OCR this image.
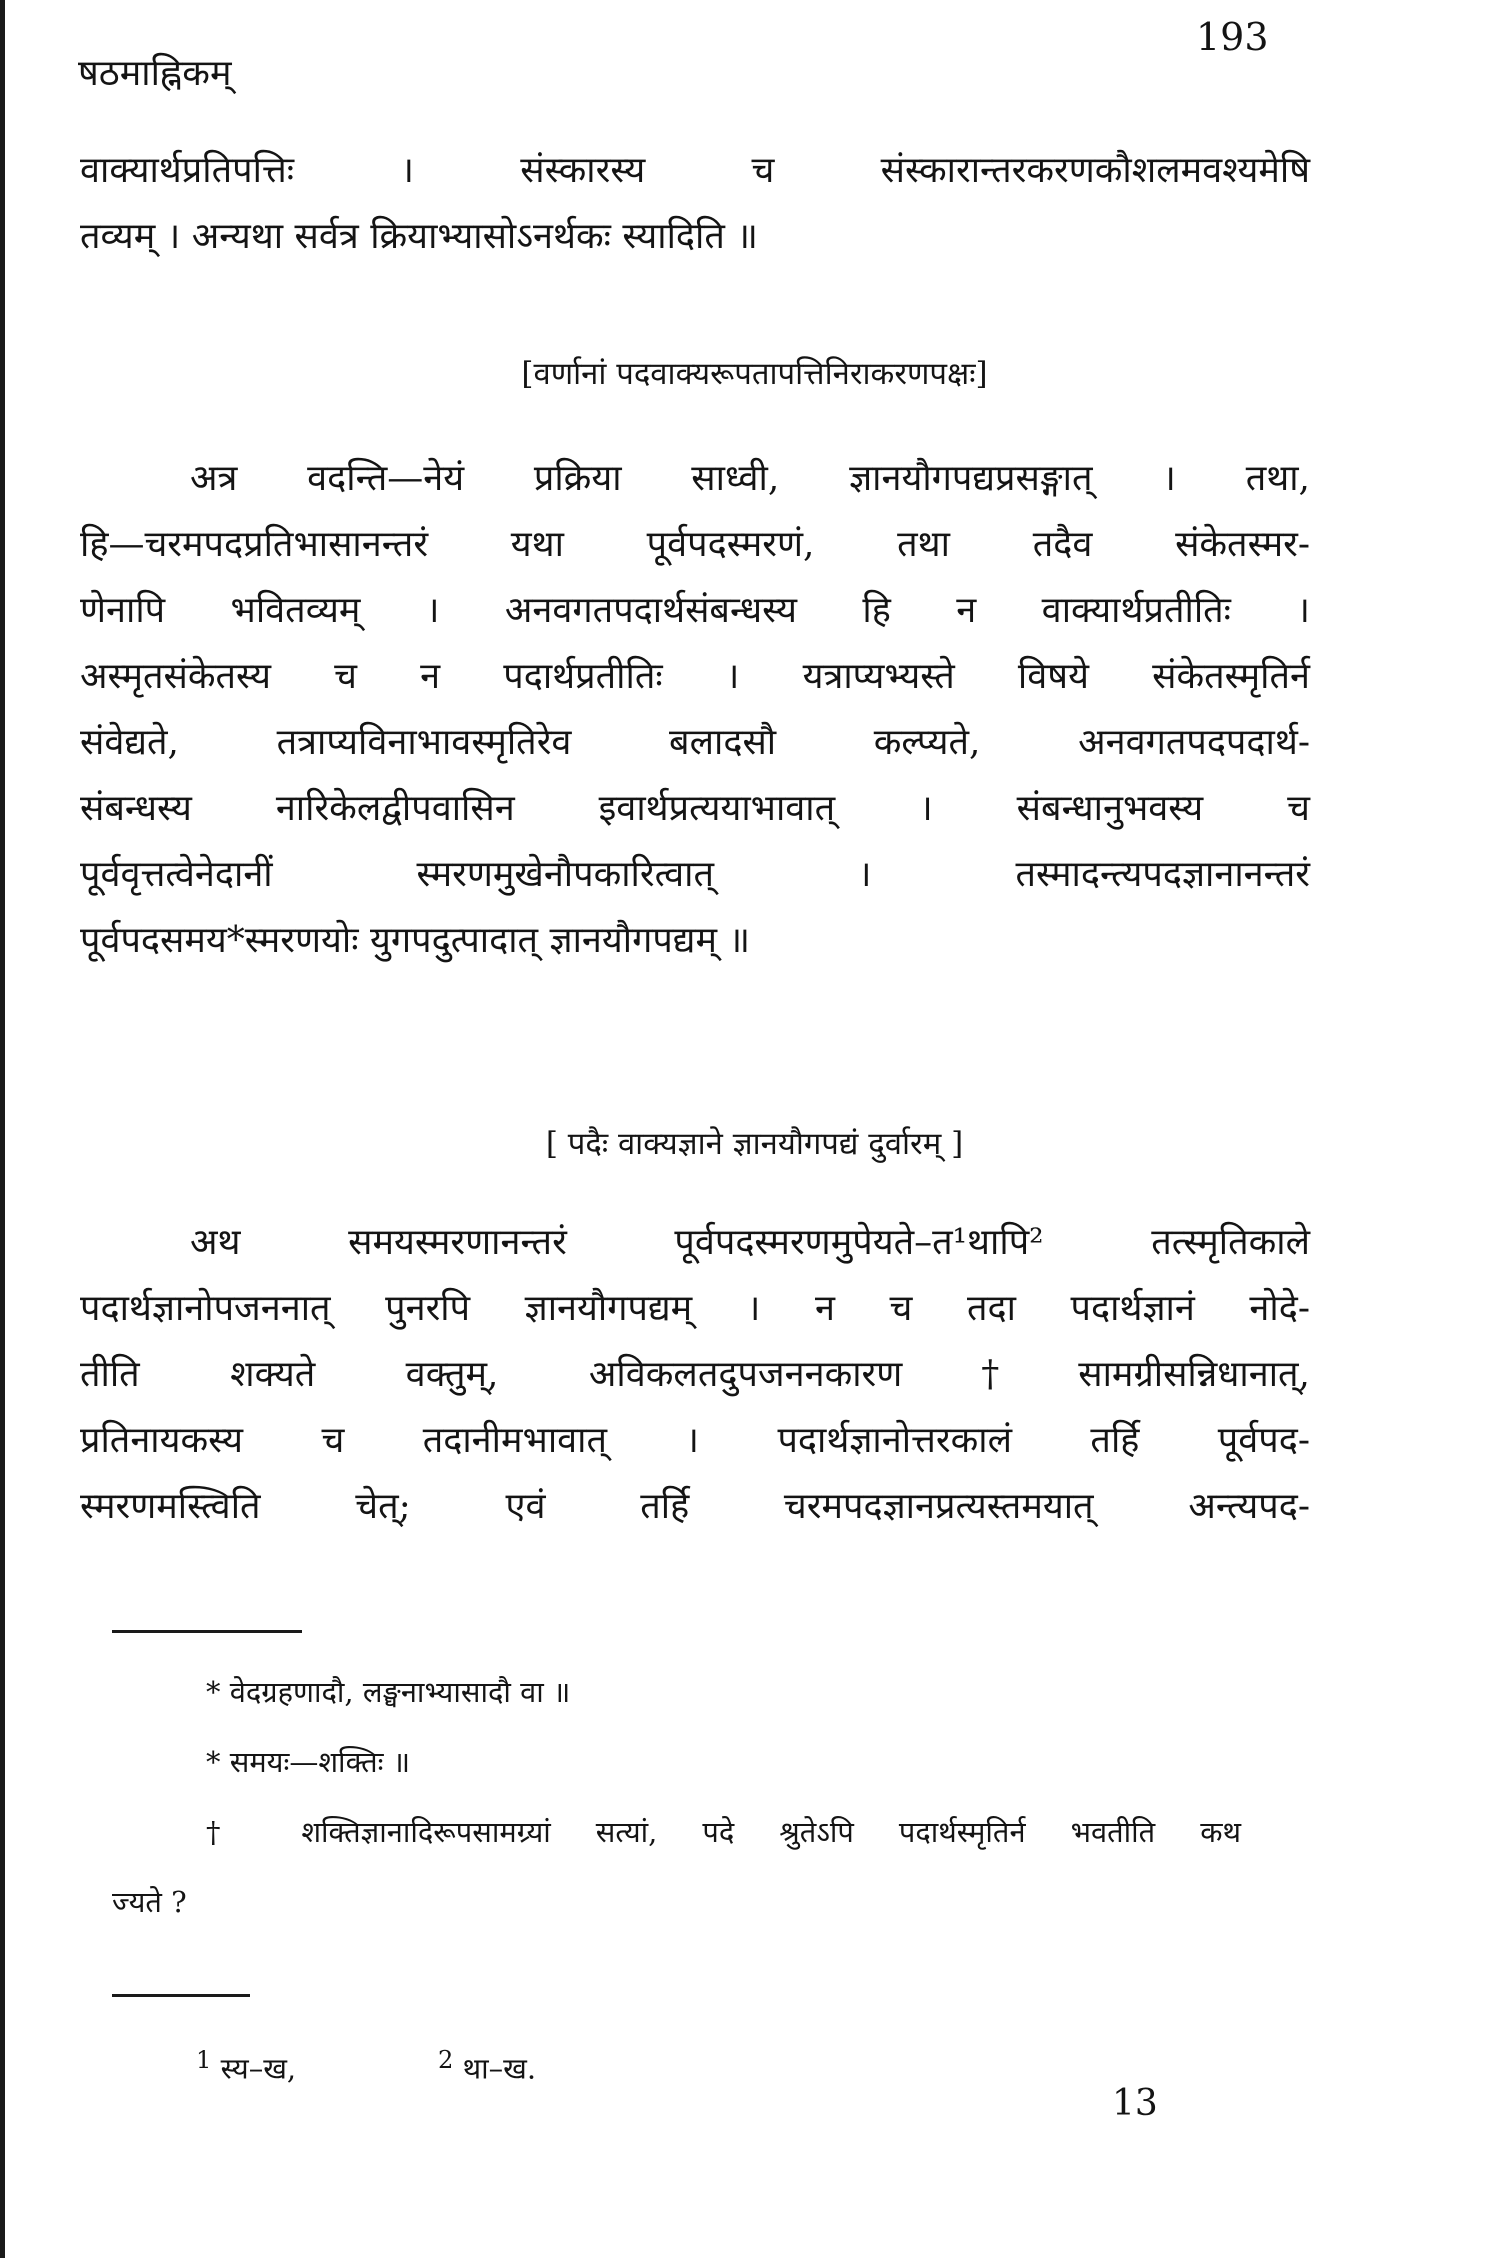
षठमाह्निकम्
193
वाक्यार्थप्रतिपत्तिः । संस्कारस्य च संस्कारान्तरकरणकौशलमवश्यमेषि
तव्यम् । अन्यथा सर्वत्र क्रियाभ्यासोऽनर्थकः स्यादिति ॥
[वर्णानां पदवाक्यरूपतापत्तिनिराकरणपक्षः]
अत्र वदन्ति—नेयं प्रक्रिया साध्वी, ज्ञानयौगपद्यप्रसङ्गात् । तथा,
हि—चरमपदप्रतिभासानन्तरं यथा पूर्वपदस्मरणं, तथा तदैव संकेतस्मर-
णेनापि भवितव्यम् । अनवगतपदार्थसंबन्धस्य हि न वाक्यार्थप्रतीतिः ।
अस्मृतसंकेतस्य च न पदार्थप्रतीतिः । यत्राप्यभ्यस्ते विषये संकेतस्मृतिर्न
संवेद्यते, तत्राप्यविनाभावस्मृतिरेव बलादसौ कल्प्यते, अनवगतपदपदार्थ-
संबन्धस्य नारिकेलद्वीपवासिन इवार्थप्रत्ययाभावात् । संबन्धानुभवस्य च
पूर्ववृत्तत्वेनेदानीं स्मरणमुखेनौपकारित्वात् । तस्मादन्त्यपदज्ञानानन्तरं
पूर्वपदसमय*स्मरणयोः युगपदुत्पादात् ज्ञानयौगपद्यम् ॥
[ पदैः वाक्यज्ञाने ज्ञानयौगपद्यं दुर्वारम् ]
अथ समयस्मरणानन्तरं पूर्वपदस्मरणमुपेयते–त¹थापि² तत्स्मृतिकाले
पदार्थज्ञानोपजननात् पुनरपि ज्ञानयौगपद्यम् । न च तदा पदार्थज्ञानं नोदे-
तीति शक्यते वक्तुम्, अविकलतदुपजननकारण†सामग्रीसन्निधानात्,
प्रतिनायकस्य च तदानीमभावात् । पदार्थज्ञानोत्तरकालं तर्हि पूर्वपद-
स्मरणमस्त्विति चेत्; एवं तर्हि चरमपदज्ञानप्रत्यस्तमयात् अन्त्यपद-
* वेदग्रहणादौ, लङ्घनाभ्यासादौ वा ॥
* समयः—शक्तिः ॥
† शक्तिज्ञानादिरूपसामग्र्यां सत्यां, पदे श्रुतेऽपि पदार्थस्मृतिर्न भवतीति कथ
ज्यते ?
$^1$ स्य–ख,	$^2$ था–ख.
13
